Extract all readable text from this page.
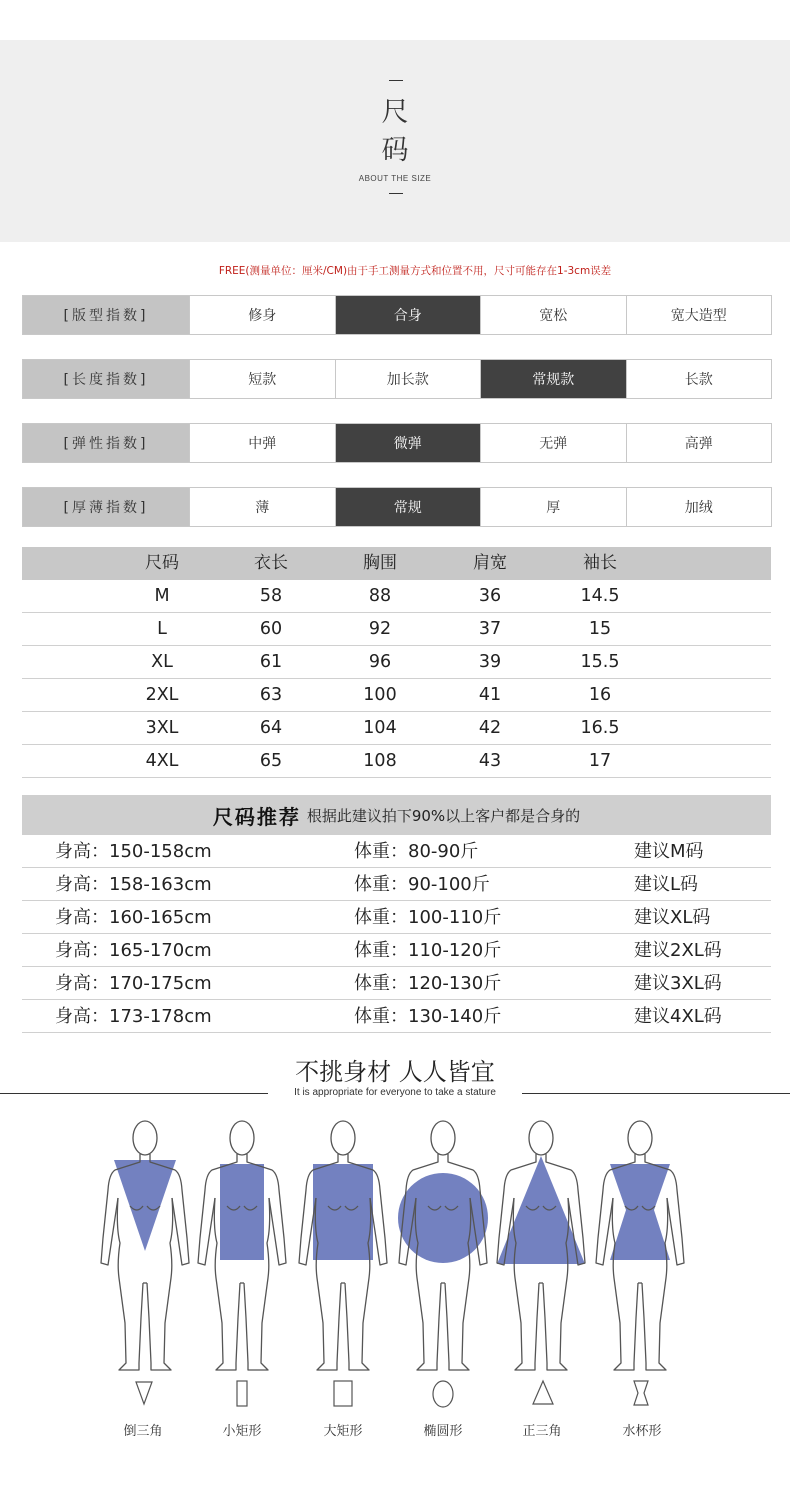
尺
码
ABOUT THE SIZE
FREE(测量单位：厘米/CM)由于手工测量方式和位置不用，尺寸可能存在1-3cm误差
[版型指数]	修身	合身	宽松	宽大造型
[长度指数]	短款	加长款	常规款	长款
[弹性指数]	中弹	微弹	无弹	高弹
[厚薄指数]	薄	常规	厚	加绒
尺码	衣长	胸围	肩宽	袖长
M	58	88	36	14.5
L	60	92	37	15
XL	61	96	39	15.5
2XL	63	100	41	16
3XL	64	104	42	16.5
4XL	65	108	43	17
尺码推荐 根据此建议拍下90%以上客户都是合身的
身高：150-158cm	体重：80-90斤	建议M码
身高：158-163cm	体重：90-100斤	建议L码
身高：160-165cm	体重：100-110斤	建议XL码
身高：165-170cm	体重：110-120斤	建议2XL码
身高：170-175cm	体重：120-130斤	建议3XL码
身高：173-178cm	体重：130-140斤	建议4XL码
不挑身材 人人皆宜
It is appropriate for everyone to take a stature
倒三角	小矩形	大矩形	椭圆形	正三角	水杯形
